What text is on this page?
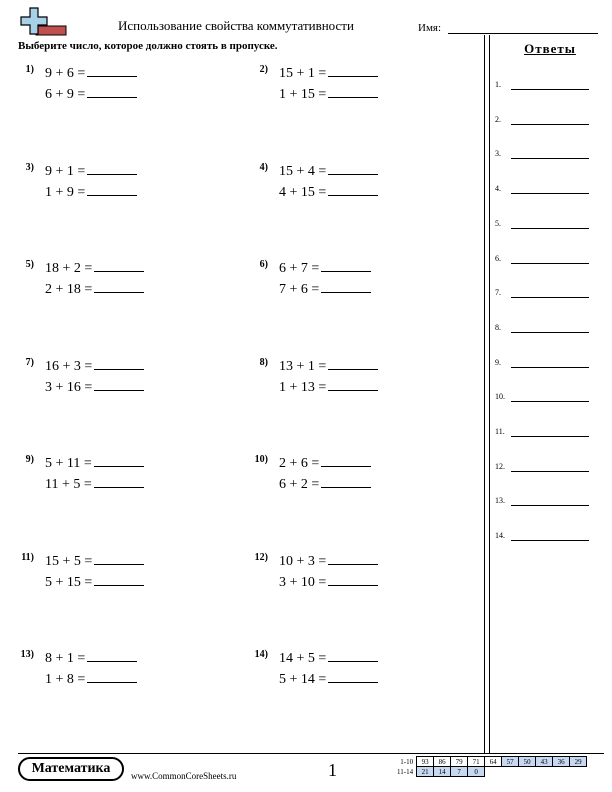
Использование свойства коммутативности	Имя:
Выберите число, которое должно стоять в пропуске.	Ответы
1.
2.
3.
4.
5.
6.
7.
8.
9.
10.
11.
12.
13.
14.
1) 9 + 6 =
6 + 9 =
2) 15 + 1 =
1 + 15 =
3) 9 + 1 =
1 + 9 =
4) 15 + 4 =
4 + 15 =
5) 18 + 2 =
2 + 18 =
6) 6 + 7 =
7 + 6 =
7) 16 + 3 =
3 + 16 =
8) 13 + 1 =
1 + 13 =
9) 5 + 11 =
11 + 5 =
10) 2 + 6 =
6 + 2 =
11) 15 + 5 =
5 + 15 =
12) 10 + 3 =
3 + 10 =
13) 8 + 1 =
1 + 8 =
14) 14 + 5 =
5 + 14 =
Математика	www.CommonCoreSheets.ru	1	1-10	93	86	79	71	64	57	50	43	36	29
11-14	21	14	7	0						
